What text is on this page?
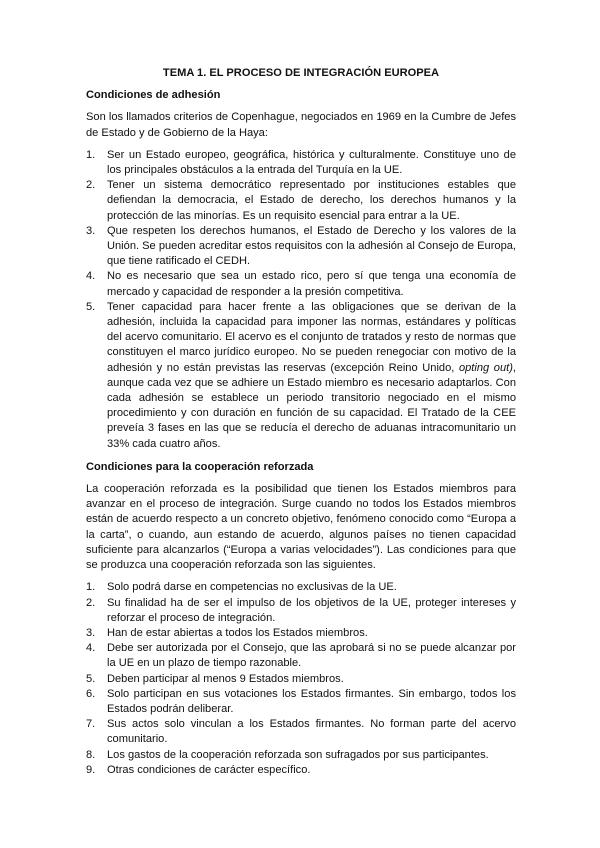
TEMA 1. EL PROCESO DE INTEGRACIÓN EUROPEA
Condiciones de adhesión
Son los llamados criterios de Copenhague, negociados en 1969 en la Cumbre de Jefes de Estado y de Gobierno de la Haya:
1. Ser un Estado europeo, geográfica, histórica y culturalmente. Constituye uno de los principales obstáculos a la entrada del Turquía en la UE.
2. Tener un sistema democrático representado por instituciones estables que defiendan la democracia, el Estado de derecho, los derechos humanos y la protección de las minorías. Es un requisito esencial para entrar a la UE.
3. Que respeten los derechos humanos, el Estado de Derecho y los valores de la Unión. Se pueden acreditar estos requisitos con la adhesión al Consejo de Europa, que tiene ratificado el CEDH.
4. No es necesario que sea un estado rico, pero sí que tenga una economía de mercado y capacidad de responder a la presión competitiva.
5. Tener capacidad para hacer frente a las obligaciones que se derivan de la adhesión, incluida la capacidad para imponer las normas, estándares y políticas del acervo comunitario. El acervo es el conjunto de tratados y resto de normas que constituyen el marco jurídico europeo. No se pueden renegociar con motivo de la adhesión y no están previstas las reservas (excepción Reino Unido, opting out), aunque cada vez que se adhiere un Estado miembro es necesario adaptarlos. Con cada adhesión se establece un periodo transitorio negociado en el mismo procedimiento y con duración en función de su capacidad. El Tratado de la CEE preveía 3 fases en las que se reducía el derecho de aduanas intracomunitario un 33% cada cuatro años.
Condiciones para la cooperación reforzada
La cooperación reforzada es la posibilidad que tienen los Estados miembros para avanzar en el proceso de integración. Surge cuando no todos los Estados miembros están de acuerdo respecto a un concreto objetivo, fenómeno conocido como “Europa a la carta”, o cuando, aun estando de acuerdo, algunos países no tienen capacidad suficiente para alcanzarlos (“Europa a varias velocidades”). Las condiciones para que se produzca una cooperación reforzada son las siguientes.
1. Solo podrá darse en competencias no exclusivas de la UE.
2. Su finalidad ha de ser el impulso de los objetivos de la UE, proteger intereses y reforzar el proceso de integración.
3. Han de estar abiertas a todos los Estados miembros.
4. Debe ser autorizada por el Consejo, que las aprobará si no se puede alcanzar por la UE en un plazo de tiempo razonable.
5. Deben participar al menos 9 Estados miembros.
6. Solo participan en sus votaciones los Estados firmantes. Sin embargo, todos los Estados podrán deliberar.
7. Sus actos solo vinculan a los Estados firmantes. No forman parte del acervo comunitario.
8. Los gastos de la cooperación reforzada son sufragados por sus participantes.
9. Otras condiciones de carácter específico.
